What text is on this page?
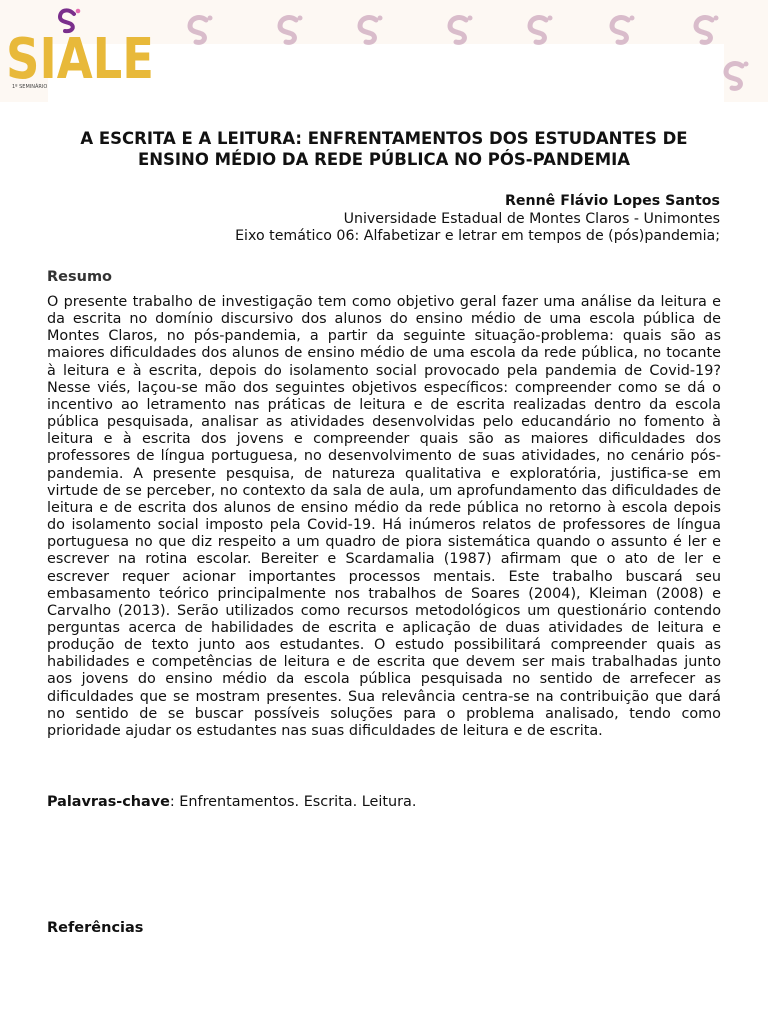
SIALE
1º SEMINÁRIO
A ESCRITA E A LEITURA: ENFRENTAMENTOS DOS ESTUDANTES DE
ENSINO MÉDIO DA REDE PÚBLICA NO PÓS-PANDEMIA
Rennê Flávio Lopes Santos
Universidade Estadual de Montes Claros - Unimontes
Eixo temático 06: Alfabetizar e letrar em tempos de (pós)pandemia;
Resumo

O presente trabalho de investigação tem como objetivo geral fazer uma análise da leitura e da escrita no domínio discursivo dos alunos do ensino médio de uma escola pública de Montes Claros, no pós-pandemia, a partir da seguinte situação-problema: quais são as maiores dificuldades dos alunos de ensino médio de uma escola da rede pública, no tocante à leitura e à escrita, depois do isolamento social provocado pela pandemia de Covid-19? Nesse viés, laçou-se mão dos seguintes objetivos específicos: compreender como se dá o incentivo ao letramento nas práticas de leitura e de escrita realizadas dentro da escola pública pesquisada, analisar as atividades desenvolvidas pelo educandário no fomento à leitura e à escrita dos jovens e compreender quais são as maiores dificuldades dos professores de língua portuguesa, no desenvolvimento de suas atividades, no cenário pós-pandemia. A presente pesquisa, de natureza qualitativa e exploratória, justifica-se em virtude de se perceber, no contexto da sala de aula, um aprofundamento das dificuldades de leitura e de escrita dos alunos de ensino médio da rede pública no retorno à escola depois do isolamento social imposto pela Covid-19. Há inúmeros relatos de professores de língua portuguesa no que diz respeito a um quadro de piora sistemática quando o assunto é ler e escrever na rotina escolar. Bereiter e Scardamalia (1987) afirmam que o ato de ler e escrever requer acionar importantes processos mentais. Este trabalho buscará seu embasamento teórico principalmente nos trabalhos de Soares (2004), Kleiman (2008) e Carvalho (2013). Serão utilizados como recursos metodológicos um questionário contendo perguntas acerca de habilidades de escrita e aplicação de duas atividades de leitura e produção de texto junto aos estudantes. O estudo possibilitará compreender quais as habilidades e competências de leitura e de escrita que devem ser mais trabalhadas junto aos jovens do ensino médio da escola pública pesquisada no sentido de arrefecer as dificuldades que se mostram presentes. Sua relevância centra-se na contribuição que dará no sentido de se buscar possíveis soluções para o problema analisado, tendo como prioridade ajudar os estudantes nas suas dificuldades de leitura e de escrita.

Palavras-chave: Enfrentamentos. Escrita. Leitura.
Referências
